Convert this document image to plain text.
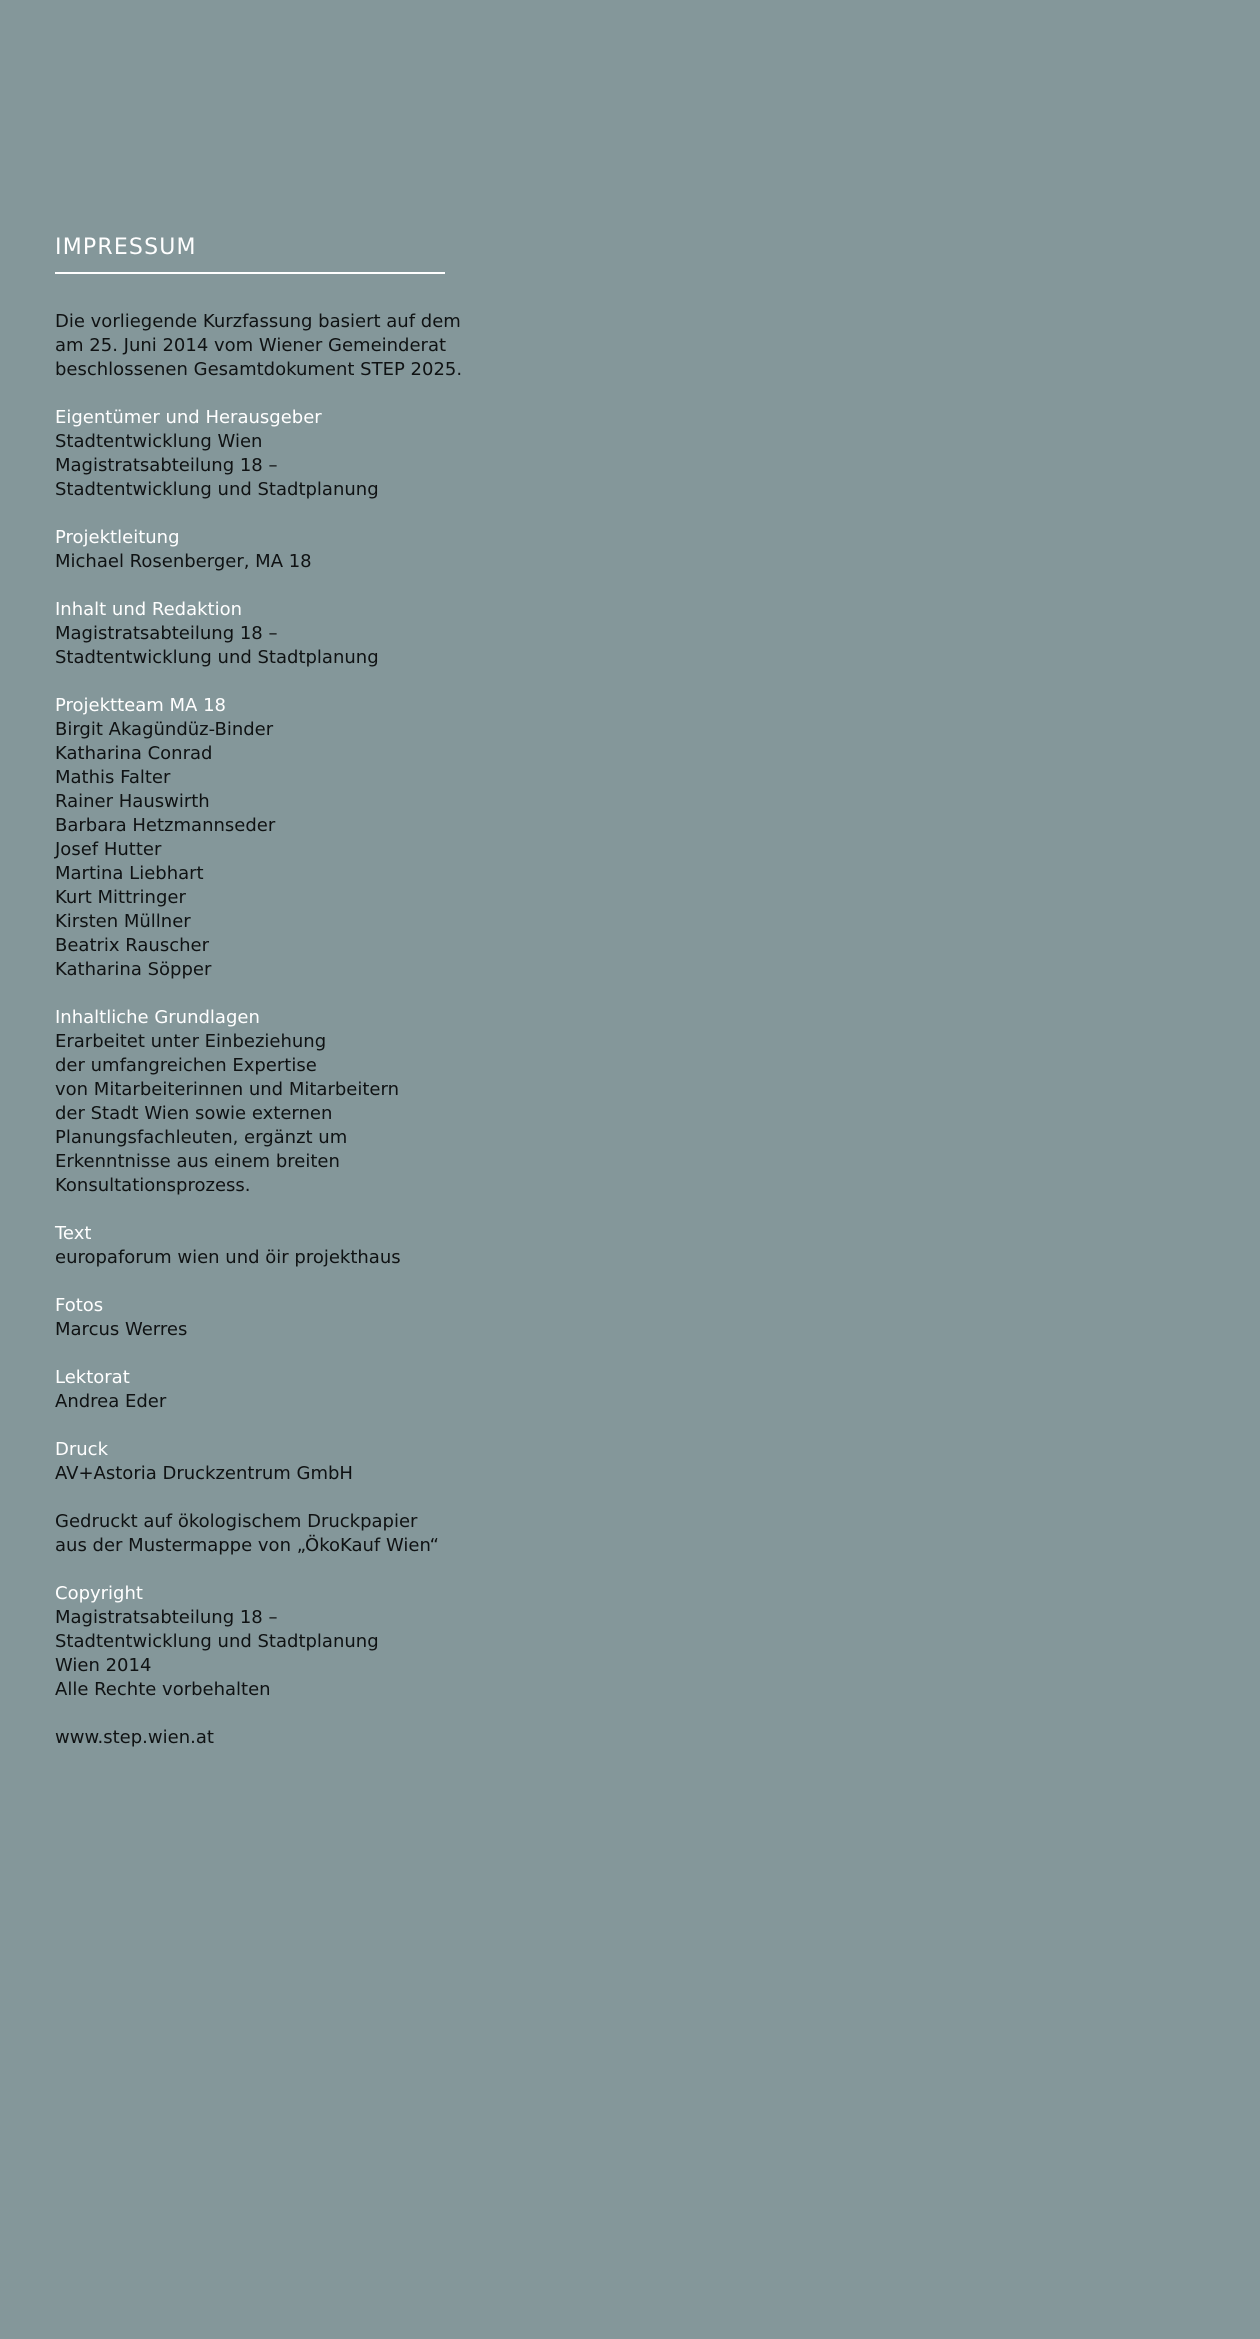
IMPRESSUM
Die vorliegende Kurzfassung basiert auf dem
am 25. Juni 2014 vom Wiener Gemeinderat
beschlossenen Gesamtdokument STEP 2025.
Eigentümer und Herausgeber
Stadtentwicklung Wien
Magistratsabteilung 18 –
Stadtentwicklung und Stadtplanung
Projektleitung
Michael Rosenberger, MA 18
Inhalt und Redaktion
Magistratsabteilung 18 –
Stadtentwicklung und Stadtplanung
Projektteam MA 18
Birgit Akagündüz-Binder
Katharina Conrad
Mathis Falter
Rainer Hauswirth
Barbara Hetzmannseder
Josef Hutter
Martina Liebhart
Kurt Mittringer
Kirsten Müllner
Beatrix Rauscher
Katharina Söpper
Inhaltliche Grundlagen
Erarbeitet unter Einbeziehung
der umfangreichen Expertise
von Mitarbeiterinnen und Mitarbeitern
der Stadt Wien sowie externen
Planungsfachleuten, ergänzt um
Erkenntnisse aus einem breiten
Konsultationsprozess.
Text
europaforum wien und öir projekthaus
Fotos
Marcus Werres
Lektorat
Andrea Eder
Druck
AV+Astoria Druckzentrum GmbH
Gedruckt auf ökologischem Druckpapier
aus der Mustermappe von „ÖkoKauf Wien“
Copyright
Magistratsabteilung 18 –
Stadtentwicklung und Stadtplanung
Wien 2014
Alle Rechte vorbehalten
www.step.wien.at
